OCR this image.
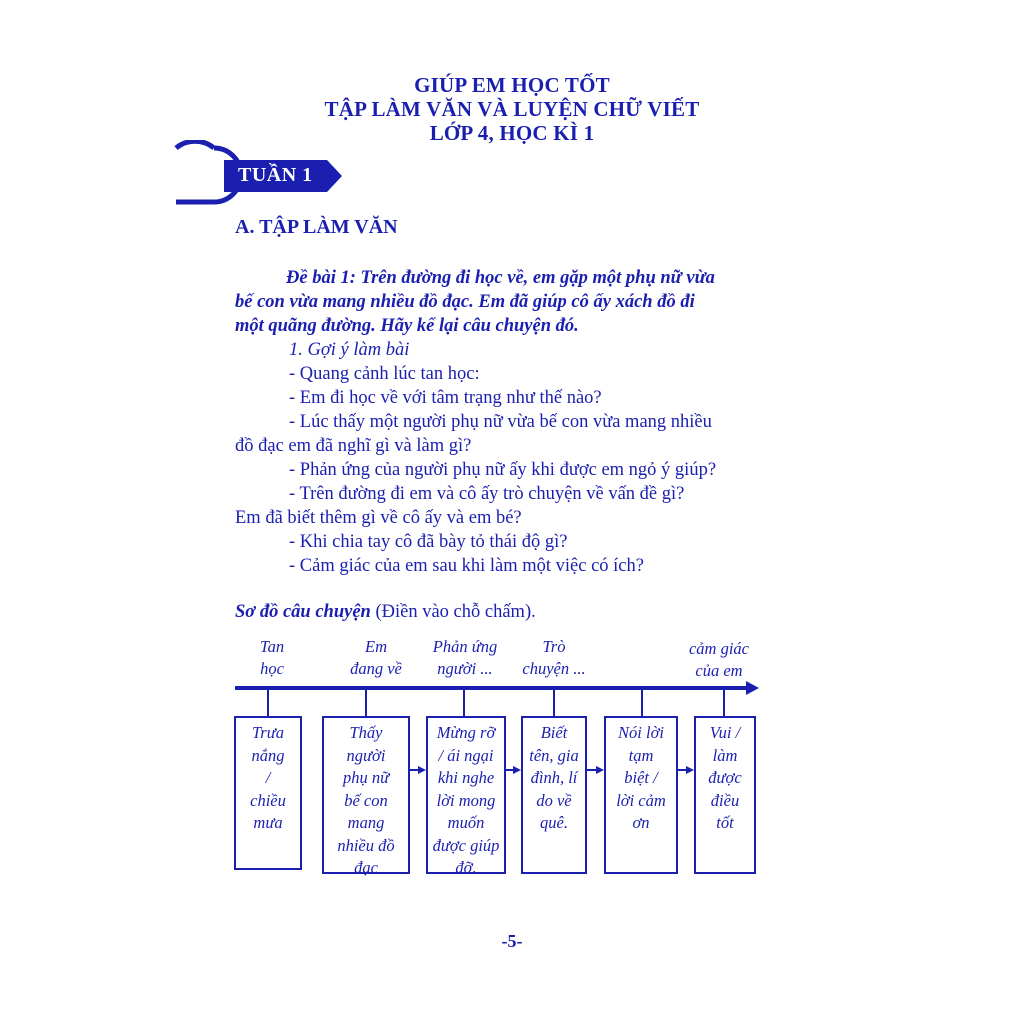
GIÚP EM HỌC TỐT
TẬP LÀM VĂN VÀ LUYỆN CHỮ VIẾT
LỚP 4, HỌC KÌ 1
TUẦN 1
A. TẬP LÀM VĂN
Đề bài 1: Trên đường đi học về, em gặp một phụ nữ vừa
bế con vừa mang nhiều đồ đạc. Em đã giúp cô ấy xách đồ đi
một quãng đường. Hãy kể lại câu chuyện đó.
1. Gợi ý làm bài
- Quang cảnh lúc tan học:
- Em đi học về với tâm trạng như thế nào?
- Lúc thấy một người phụ nữ vừa bế con vừa mang nhiều
đồ đạc em đã nghĩ gì và làm gì?
- Phản ứng của người phụ nữ ấy khi được em ngỏ ý giúp?
- Trên đường đi em và cô ấy trò chuyện về vấn đề gì?
Em đã biết thêm gì về cô ấy và em bé?
- Khi chia tay cô đã bày tỏ thái độ gì?
- Cảm giác của em sau khi làm một việc có ích?
Sơ đồ câu chuyện (Điền vào chỗ chấm).
Tan
học
Em
đang về
Phản ứng
người ...
Trò
chuyện ...
cảm giác
của em
Trưa
nắng
/
chiều
mưa
Thấy
người
phụ nữ
bế con
mang
nhiều đồ
đạc
Mừng rỡ
/ ái ngại
khi nghe
lời mong
muốn
được giúp
đỡ.
Biết
tên, gia
đình, lí
do về
quê.
Nói lời
tạm
biệt /
lời cảm
ơn
Vui /
làm
được
điều
tốt
-5-
